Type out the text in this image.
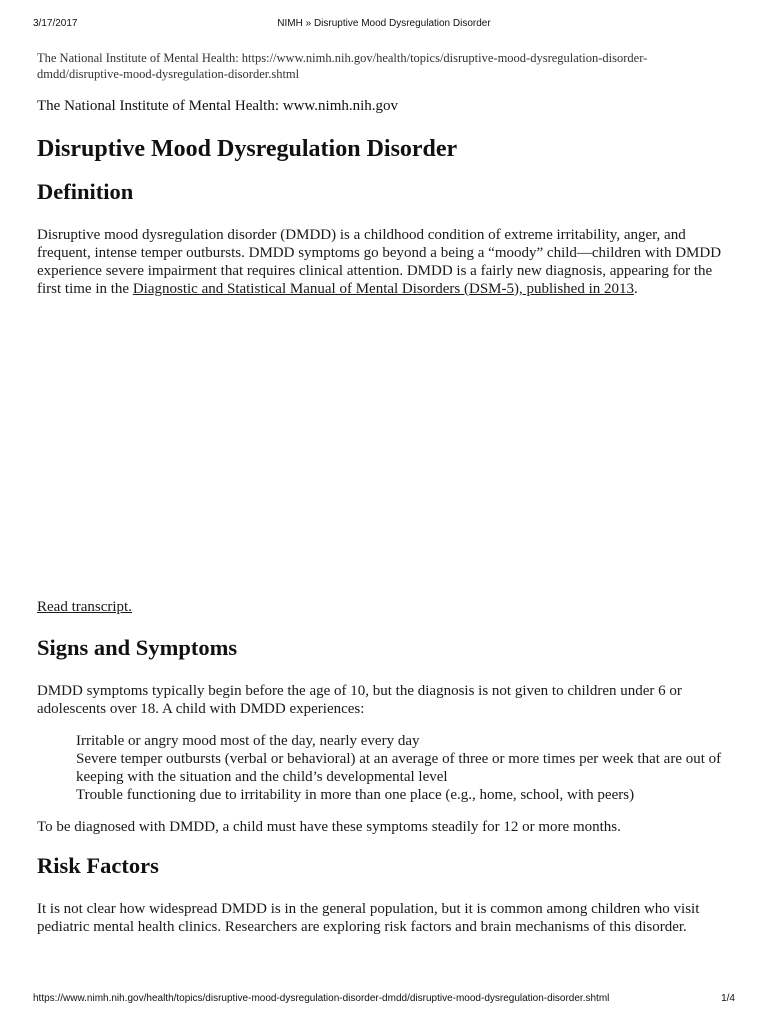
3/17/2017	NIMH » Disruptive Mood Dysregulation Disorder
The National Institute of Mental Health: https://www.nimh.nih.gov/health/topics/disruptive-mood-dysregulation-disorder-dmdd/disruptive-mood-dysregulation-disorder.shtml
The National Institute of Mental Health: www.nimh.nih.gov
Disruptive Mood Dysregulation Disorder
Definition

Disruptive mood dysregulation disorder (DMDD) is a childhood condition of extreme irritability, anger, and frequent, intense temper outbursts. DMDD symptoms go beyond a being a “moody” child—children with DMDD experience severe impairment that requires clinical attention. DMDD is a fairly new diagnosis, appearing for the first time in the Diagnostic and Statistical Manual of Mental Disorders (DSM-5), published in 2013.

Read transcript.

Signs and Symptoms

DMDD symptoms typically begin before the age of 10, but the diagnosis is not given to children under 6 or adolescents over 18. A child with DMDD experiences:

Irritable or angry mood most of the day, nearly every day
Severe temper outbursts (verbal or behavioral) at an average of three or more times per week that are out of keeping with the situation and the child’s developmental level
Trouble functioning due to irritability in more than one place (e.g., home, school, with peers)

To be diagnosed with DMDD, a child must have these symptoms steadily for 12 or more months.

Risk Factors

It is not clear how widespread DMDD is in the general population, but it is common among children who visit pediatric mental health clinics. Researchers are exploring risk factors and brain mechanisms of this disorder.

https://www.nimh.nih.gov/health/topics/disruptive-mood-dysregulation-disorder-dmdd/disruptive-mood-dysregulation-disorder.shtml	1/4
